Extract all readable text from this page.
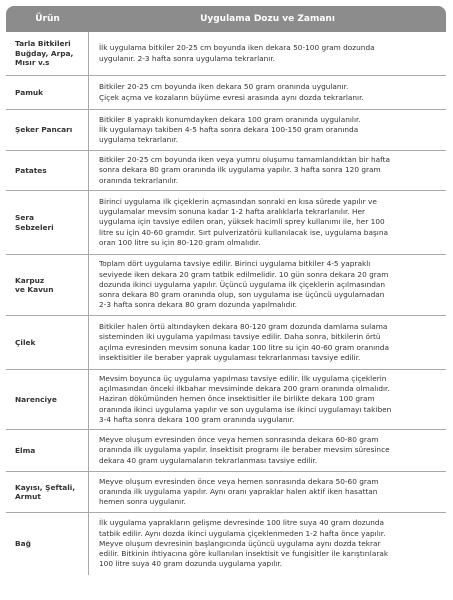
Ürün	Uygulama Dozu ve Zamanı
Tarla Bitkileri
Buğday, Arpa,
Mısır v.s
İlk uygulama bitkiler 20-25 cm boyunda iken dekara 50-100 gram dozunda
uygulanır. 2-3 hafta sonra uygulama tekrarlanır.
Pamuk
Bitkiler 20-25 cm boyunda iken dekara 50 gram oranında uygulanır.
Çiçek açma ve kozaların büyüme evresi arasında aynı dozda tekrarlanır.
Şeker Pancarı
Bitkiler 8 yapraklı konumdayken dekara 100 gram oranında uygulanılır.
İlk uygulamayı takiben 4-5 hafta sonra dekara 100-150 gram oranında
uygulama tekrarlanır.
Patates
Bitkiler 20-25 cm boyunda iken veya yumru oluşumu tamamlandıktan bir hafta
sonra dekara 80 gram oranında ilk uygulama yapılır. 3 hafta sonra 120 gram
oranında tekrarlanılır.
Sera
Sebzeleri
Birinci uygulama ilk çiçeklerin açmasından sonraki en kısa sürede yapılır ve
uygulamalar mevsim sonuna kadar 1-2 hafta aralıklarla tekrarlanılır. Her
uygulama için tavsiye edilen oran, yüksek hacimli sprey kullanımı ile, her 100
litre su için 40-60 gramdır. Sırt pulverizatörü kullanılacak ise, uygulama başına
oran 100 litre su için 80-120 gram olmalıdır.
Karpuz
ve Kavun
Toplam dört uygulama tavsiye edilir. Birinci uygulama bitkiler 4-5 yapraklı
seviyede iken dekara 20 gram tatbik edilmelidir. 10 gün sonra dekara 20 gram
dozunda ikinci uygulama yapılır. Üçüncü uygulama ilk çiçeklerin açılmasından
sonra dekara 80 gram oranında olup, son uygulama ise üçüncü uygulamadan
2-3 hafta sonra dekara 80 gram dozunda yapılmalıdır.
Çilek
Bitkiler halen örtü altındayken dekara 80-120 gram dozunda damlama sulama
sisteminden iki uygulama yapılması tavsiye edilir. Daha sonra, bitkilerin örtü
açılma evresinden mevsim sonuna kadar 100 litre su için 40-60 gram oranında
insektisitler ile beraber yaprak uygulaması tekrarlanması tavsiye edilir.
Narenciye
Mevsim boyunca üç uygulama yapılması tavsiye edilir. İlk uygulama çiçeklerin
açılmasından önceki ilkbahar mevsiminde dekara 200 gram oranında olmalıdır.
Haziran dökümünden hemen önce insektisitler ile birlikte dekara 100 gram
oranında ikinci uygulama yapılır ve son uygulama ise ikinci uygulamayı takiben
3-4 hafta sonra dekara 100 gram oranında uygulanır.
Elma
Meyve oluşum evresinden önce veya hemen sonrasında dekara 60-80 gram
oranında ilk uygulama yapılır. İnsektisit programı ile beraber mevsim süresince
dekara 40 gram uygulamaların tekrarlanması tavsiye edilir.
Kayısı, Şeftali,
Armut
Meyve oluşum evresinden önce veya hemen sonrasında dekara 50-60 gram
oranında ilk uygulama yapılır. Aynı oranı yapraklar halen aktif iken hasattan
hemen sonra uygulanır.
Bağ
İlk uygulama yaprakların gelişme devresinde 100 litre suya 40 gram dozunda
tatbik edilir. Aynı dozda ikinci uygulama çiçeklenmeden 1-2 hafta önce yapılır.
Meyve oluşum devresinin başlangıcında üçüncü uygulama aynı dozda tekrar
edilir. Bitkinin ihtiyacına göre kullanılan insektisit ve fungisitler ile karıştırılarak
100 litre suya 40 gram dozunda uygulama yapılır.
